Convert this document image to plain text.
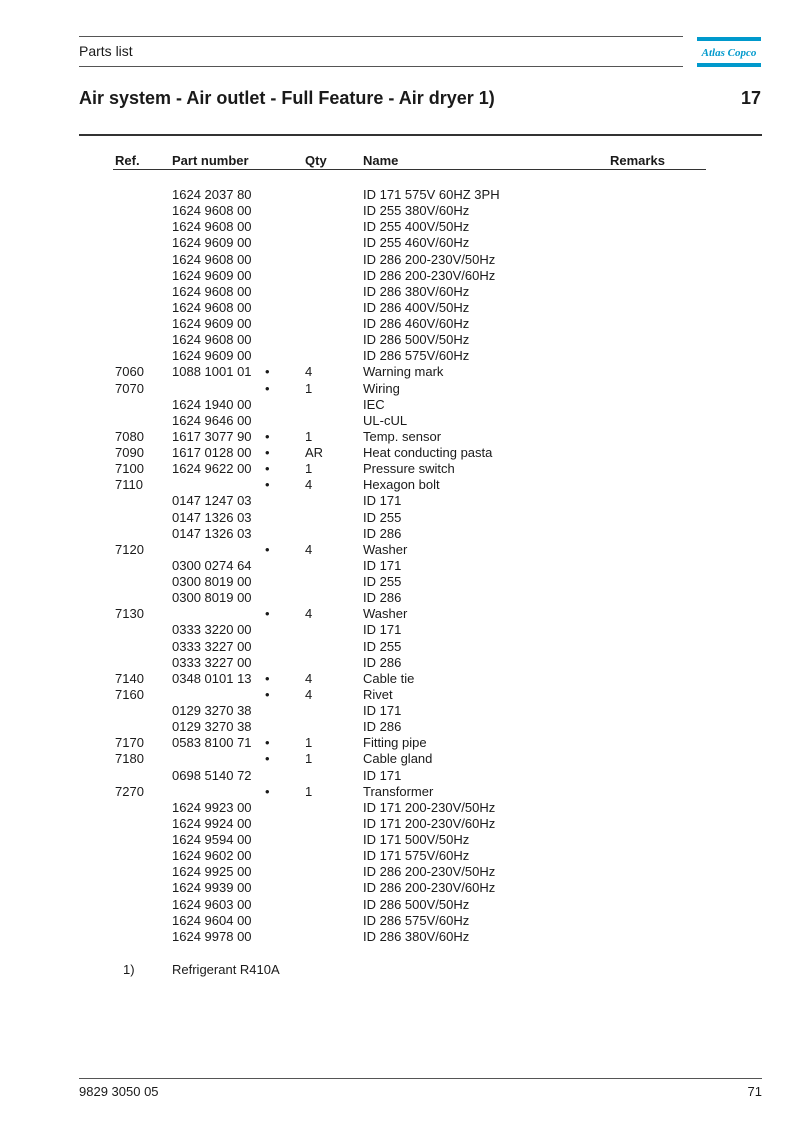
Parts list	Atlas Copco
Air system - Air outlet - Full Feature - Air dryer 1)	17
Ref. Part number	Qty	Name	Remarks
1624 2037 80	ID 171 575V 60HZ 3PH
1624 9608 00	ID 255 380V/60Hz
1624 9608 00	ID 255 400V/50Hz
1624 9609 00	ID 255 460V/60Hz
1624 9608 00	ID 286 200-230V/50Hz
1624 9609 00	ID 286 200-230V/60Hz
1624 9608 00	ID 286 380V/60Hz
1624 9608 00	ID 286 400V/50Hz
1624 9609 00	ID 286 460V/60Hz
1624 9608 00	ID 286 500V/50Hz
1624 9609 00	ID 286 575V/60Hz
7060 1088 1001 01 •	4	Warning mark
7070	•	1	Wiring
1624 1940 00	IEC
1624 9646 00	UL-cUL
7080 1617 3077 90 •	1	Temp. sensor
7090 1617 0128 00 •	AR	Heat conducting pasta
7100 1624 9622 00 •	1	Pressure switch
7110	•	4	Hexagon bolt
0147 1247 03	ID 171
0147 1326 03	ID 255
0147 1326 03	ID 286
7120	•	4	Washer
0300 0274 64	ID 171
0300 8019 00	ID 255
0300 8019 00	ID 286
7130	•	4	Washer
0333 3220 00	ID 171
0333 3227 00	ID 255
0333 3227 00	ID 286
7140 0348 0101 13 •	4	Cable tie
7160	•	4	Rivet
0129 3270 38	ID 171
0129 3270 38	ID 286
7170 0583 8100 71 •	1	Fitting pipe
7180	•	1	Cable gland
0698 5140 72	ID 171
7270	•	1	Transformer
1624 9923 00	ID 171 200-230V/50Hz
1624 9924 00	ID 171 200-230V/60Hz
1624 9594 00	ID 171 500V/50Hz
1624 9602 00	ID 171 575V/60Hz
1624 9925 00	ID 286 200-230V/50Hz
1624 9939 00	ID 286 200-230V/60Hz
1624 9603 00	ID 286 500V/50Hz
1624 9604 00	ID 286 575V/60Hz
1624 9978 00	ID 286 380V/60Hz
1)	Refrigerant R410A
9829 3050 05	71
